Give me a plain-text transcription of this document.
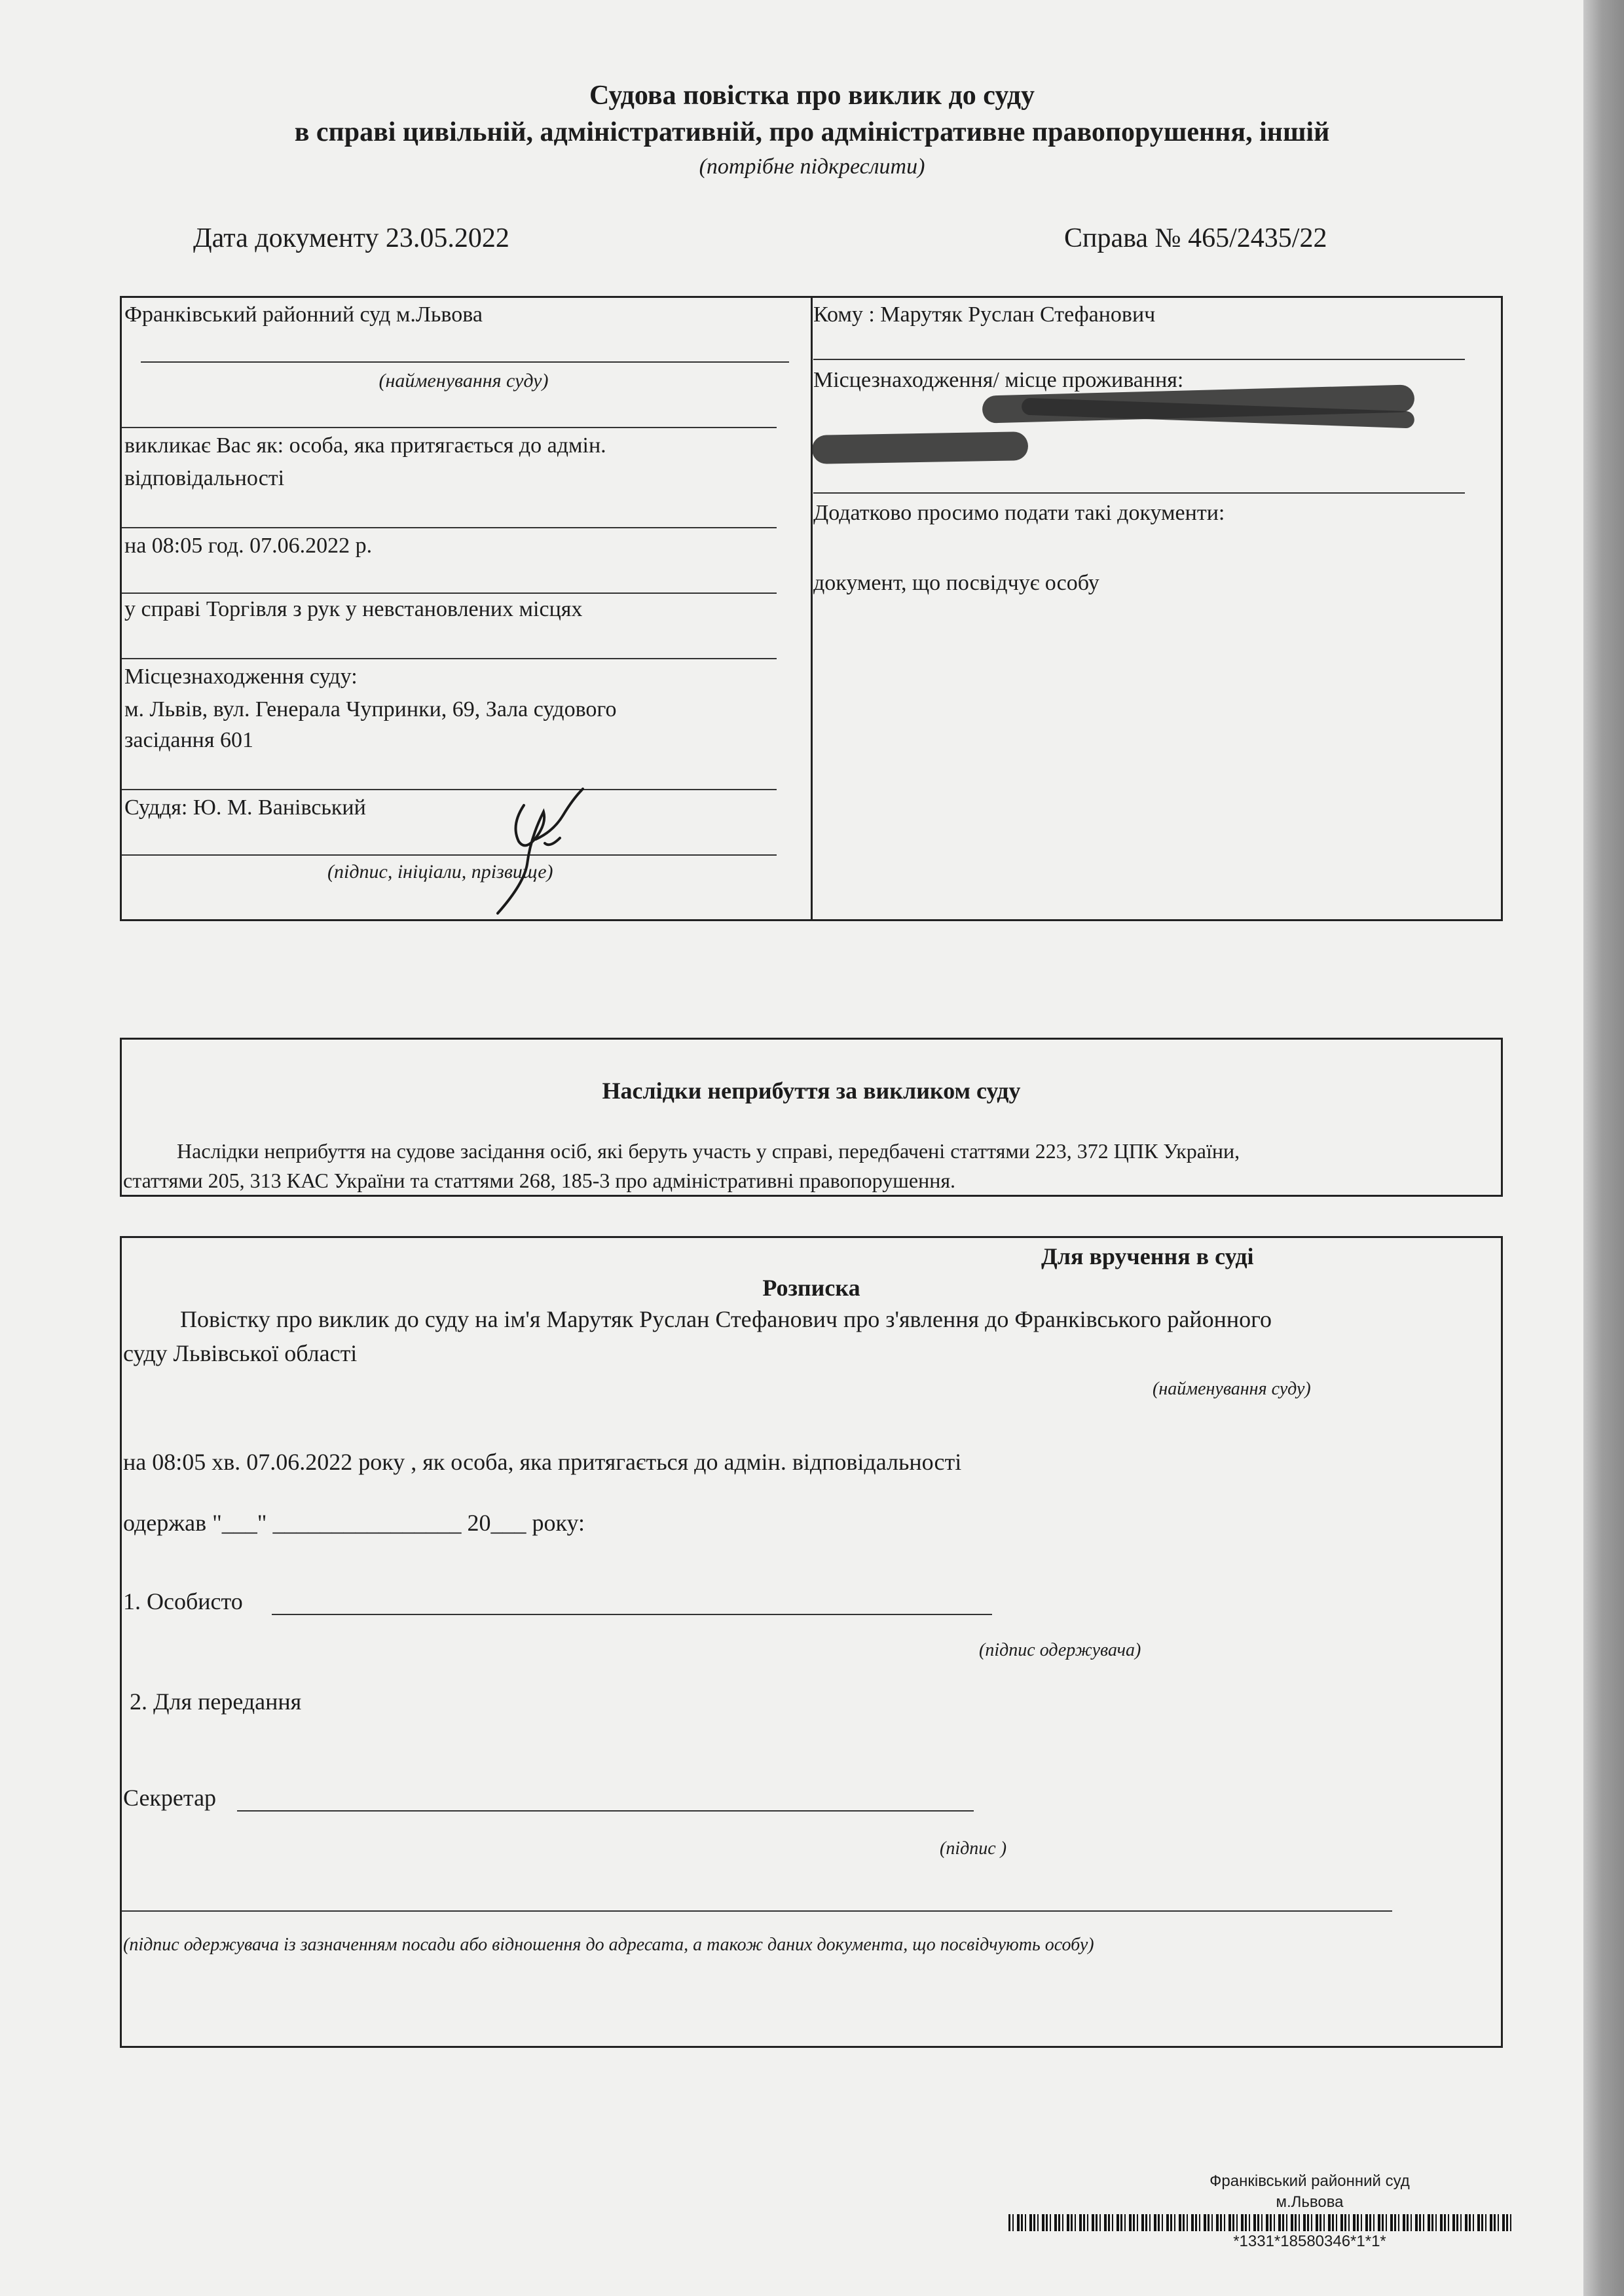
Судова повістка про виклик до суду
в справі цивільній, адміністративній, про адміністративне правопорушення, іншій
(потрібне підкреслити)
Дата документу 23.05.2022	Справа № 465/2435/22
Франківський районний суд м.Львова
(найменування суду)
викликає Вас як: особа, яка притягається до адмін.
відповідальності
на 08:05 год. 07.06.2022 р.
у справі Торгівля з рук у невстановлених місцях
Місцезнаходження суду:
м. Львів, вул. Генерала Чупринки, 69, Зала судового
засідання 601
Суддя: Ю. М. Ванівський
(підпис, ініціали, прізвище)
Кому : Марутяк Руслан Стефанович
Місцезнаходження/ місце проживання:
Додатково просимо подати такі документи:
документ, що посвідчує особу
Наслідки неприбуття за викликом суду
Наслідки неприбуття на судове засідання осіб, які беруть участь у справі, передбачені статтями 223, 372 ЦПК України,
статтями 205, 313 КАС України та статтями 268, 185-3 про адміністративні правопорушення.
Для вручення в суді
Розписка
Повістку про виклик до суду на ім'я Марутяк Руслан Стефанович про з'явлення до Франківського районного
суду Львівської області
(найменування суду)
на 08:05 хв. 07.06.2022 року , як особа, яка притягається до адмін. відповідальності
одержав "___" ________________ 20___ року:
1. Особисто
(підпис одержувача)
2. Для передання
Секретар
(підпис )
(підпис одержувача із зазначенням посади або відношення до адресата, а також даних документа, що посвідчують особу)
Франківський районний суд
м.Львова
*1331*18580346*1*1*
